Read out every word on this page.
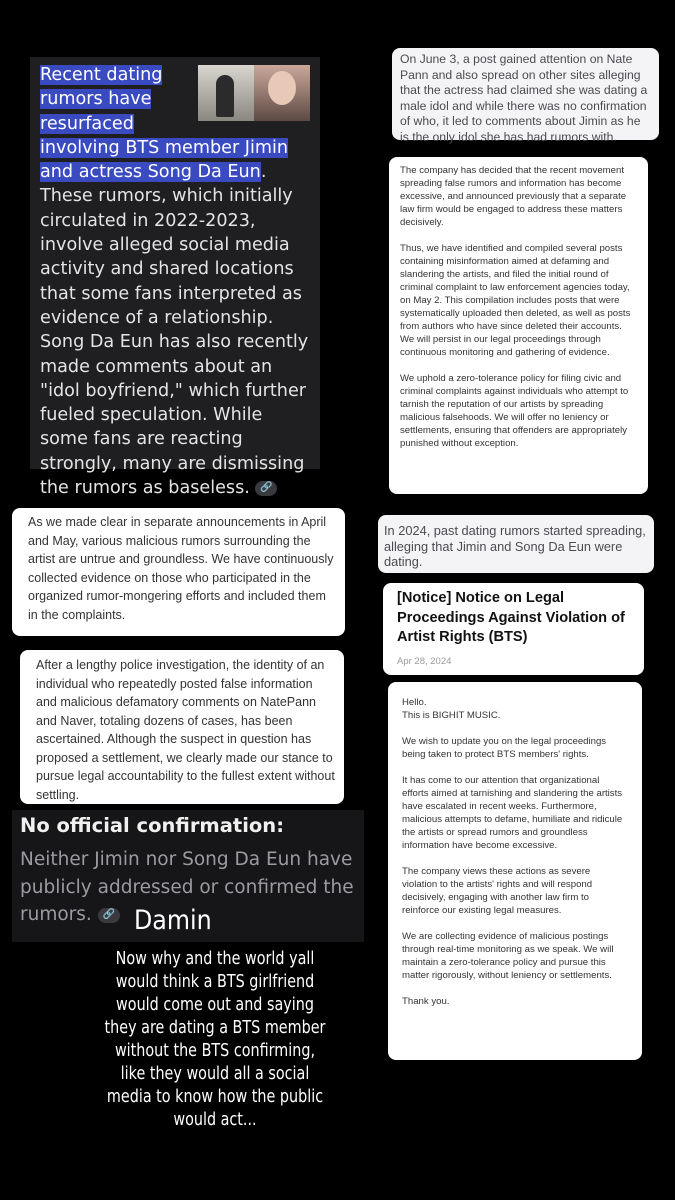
Recent dating rumors have resurfaced involving BTS member Jimin and actress Song Da Eun. These rumors, which initially circulated in 2022-2023, involve alleged social media activity and shared locations that some fans interpreted as evidence of a relationship. Song Da Eun has also recently made comments about an "idol boyfriend," which further fueled speculation. While some fans are reacting strongly, many are dismissing the rumors as baseless. 🔗

On June 3, a post gained attention on Nate Pann and also spread on other sites alleging that the actress had claimed she was dating a male idol and while there was no confirmation of who, it led to comments about Jimin as he is the only idol she has had rumors with.

The company has decided that the recent movement spreading false rumors and information has become excessive, and announced previously that a separate law firm would be engaged to address these matters decisively.

Thus, we have identified and compiled several posts containing misinformation aimed at defaming and slandering the artists, and filed the initial round of criminal complaint to law enforcement agencies today, on May 2. This compilation includes posts that were systematically uploaded then deleted, as well as posts from authors who have since deleted their accounts. We will persist in our legal proceedings through continuous monitoring and gathering of evidence.

We uphold a zero-tolerance policy for filing civic and criminal complaints against individuals who attempt to tarnish the reputation of our artists by spreading malicious falsehoods. We will offer no leniency or settlements, ensuring that offenders are appropriately punished without exception.

As we made clear in separate announcements in April and May, various malicious rumors surrounding the artist are untrue and groundless. We have continuously collected evidence on those who participated in the organized rumor-mongering efforts and included them in the complaints.

In 2024, past dating rumors started spreading, alleging that Jimin and Song Da Eun were dating.

[Notice] Notice on Legal Proceedings Against Violation of Artist Rights (BTS)
Apr 28, 2024

After a lengthy police investigation, the identity of an individual who repeatedly posted false information and malicious defamatory comments on NatePann and Naver, totaling dozens of cases, has been ascertained. Although the suspect in question has proposed a settlement, we clearly made our stance to pursue legal accountability to the fullest extent without settling.

Hello.

This is BIGHIT MUSIC.

We wish to update you on the legal proceedings being taken to protect BTS members' rights.

It has come to our attention that organizational efforts aimed at tarnishing and slandering the artists have escalated in recent weeks. Furthermore, malicious attempts to defame, humiliate and ridicule the artists or spread rumors and groundless information have become excessive.

The company views these actions as severe violation to the artists' rights and will respond decisively, engaging with another law firm to reinforce our existing legal measures.

We are collecting evidence of malicious postings through real-time monitoring as we speak. We will maintain a zero-tolerance policy and pursue this matter rigorously, without leniency or settlements.

Thank you.

No official confirmation:
Neither Jimin nor Song Da Eun have publicly addressed or confirmed the rumors. 🔗 Damin
Now why and the world yall would think a BTS girlfriend would come out and saying they are dating a BTS member without the BTS confirming, like they would all a social media to know how the public would act...
